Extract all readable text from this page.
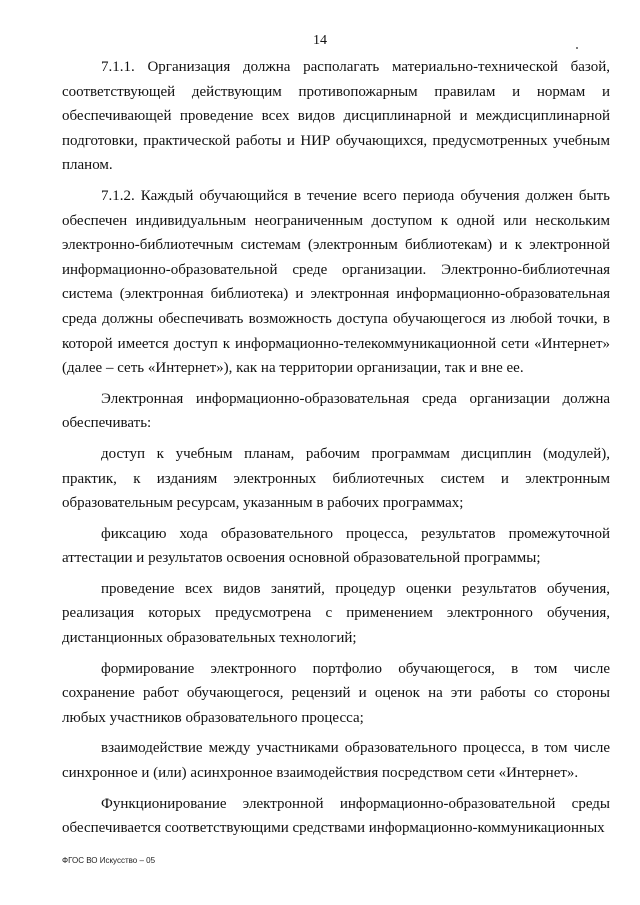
14

7.1.1. Организация должна располагать материально-технической базой, соответствующей действующим противопожарным правилам и нормам и обеспечивающей проведение всех видов дисциплинарной и междисциплинарной подготовки, практической работы и НИР обучающихся, предусмотренных учебным планом.

7.1.2. Каждый обучающийся в течение всего периода обучения должен быть обеспечен индивидуальным неограниченным доступом к одной или нескольким электронно-библиотечным системам (электронным библиотекам) и к электронной информационно-образовательной среде организации. Электронно-библиотечная система (электронная библиотека) и электронная информационно-образовательная среда должны обеспечивать возможность доступа обучающегося из любой точки, в которой имеется доступ к информационно-телекоммуникационной сети «Интернет» (далее – сеть «Интернет»), как на территории организации, так и вне ее.

Электронная информационно-образовательная среда организации должна обеспечивать:

доступ к учебным планам, рабочим программам дисциплин (модулей), практик, к изданиям электронных библиотечных систем и электронным образовательным ресурсам, указанным в рабочих программах;

фиксацию хода образовательного процесса, результатов промежуточной аттестации и результатов освоения основной образовательной программы;

проведение всех видов занятий, процедур оценки результатов обучения, реализация которых предусмотрена с применением электронного обучения, дистанционных образовательных технологий;

формирование электронного портфолио обучающегося, в том числе сохранение работ обучающегося, рецензий и оценок на эти работы со стороны любых участников образовательного процесса;

взаимодействие между участниками образовательного процесса, в том числе синхронное и (или) асинхронное взаимодействия посредством сети «Интернет».

Функционирование электронной информационно-образовательной среды обеспечивается соответствующими средствами информационно-коммуникационных

ФГОС ВО Искусство – 05
